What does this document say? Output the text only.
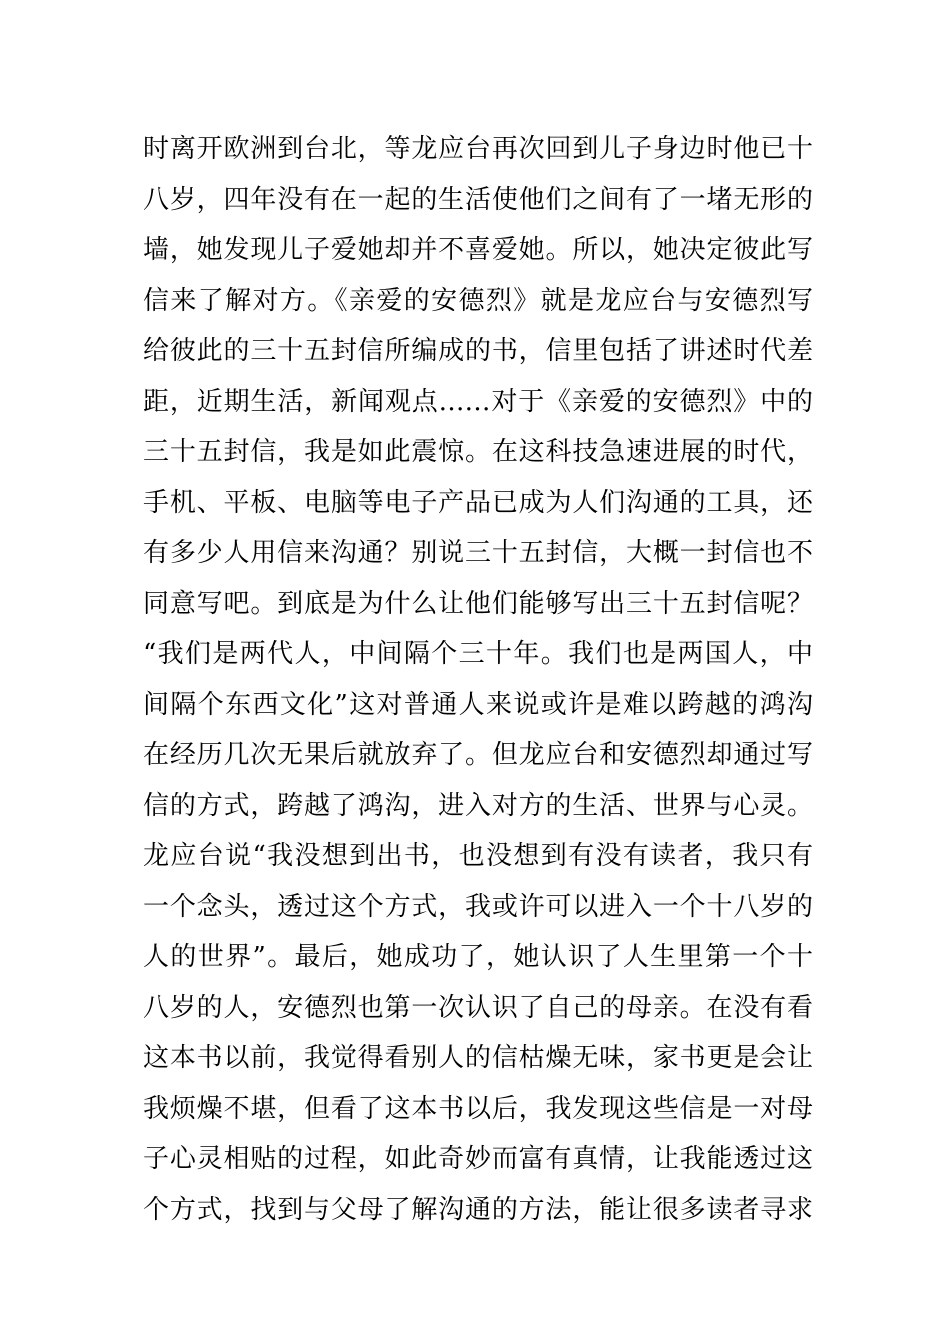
时离开欧洲到台北，等龙应台再次回到儿子身边时他已十
八岁，四年没有在一起的生活使他们之间有了一堵无形的
墙，她发现儿子爱她却并不喜爱她。所以，她决定彼此写
信来了解对方。《亲爱的安德烈》就是龙应台与安德烈写
给彼此的三十五封信所编成的书，信里包括了讲述时代差
距，近期生活，新闻观点……对于《亲爱的安德烈》中的
三十五封信，我是如此震惊。在这科技急速进展的时代，
手机、平板、电脑等电子产品已成为人们沟通的工具，还
有多少人用信来沟通？别说三十五封信，大概一封信也不
同意写吧。到底是为什么让他们能够写出三十五封信呢？
“我们是两代人，中间隔个三十年。我们也是两国人，中
间隔个东西文化”这对普通人来说或许是难以跨越的鸿沟
在经历几次无果后就放弃了。但龙应台和安德烈却通过写
信的方式，跨越了鸿沟，进入对方的生活、世界与心灵。
龙应台说“我没想到出书，也没想到有没有读者，我只有
一个念头，透过这个方式，我或许可以进入一个十八岁的
人的世界”。最后，她成功了，她认识了人生里第一个十
八岁的人，安德烈也第一次认识了自己的母亲。在没有看
这本书以前，我觉得看别人的信枯燥无味，家书更是会让
我烦燥不堪，但看了这本书以后，我发现这些信是一对母
子心灵相贴的过程，如此奇妙而富有真情，让我能透过这
个方式，找到与父母了解沟通的方法，能让很多读者寻求
